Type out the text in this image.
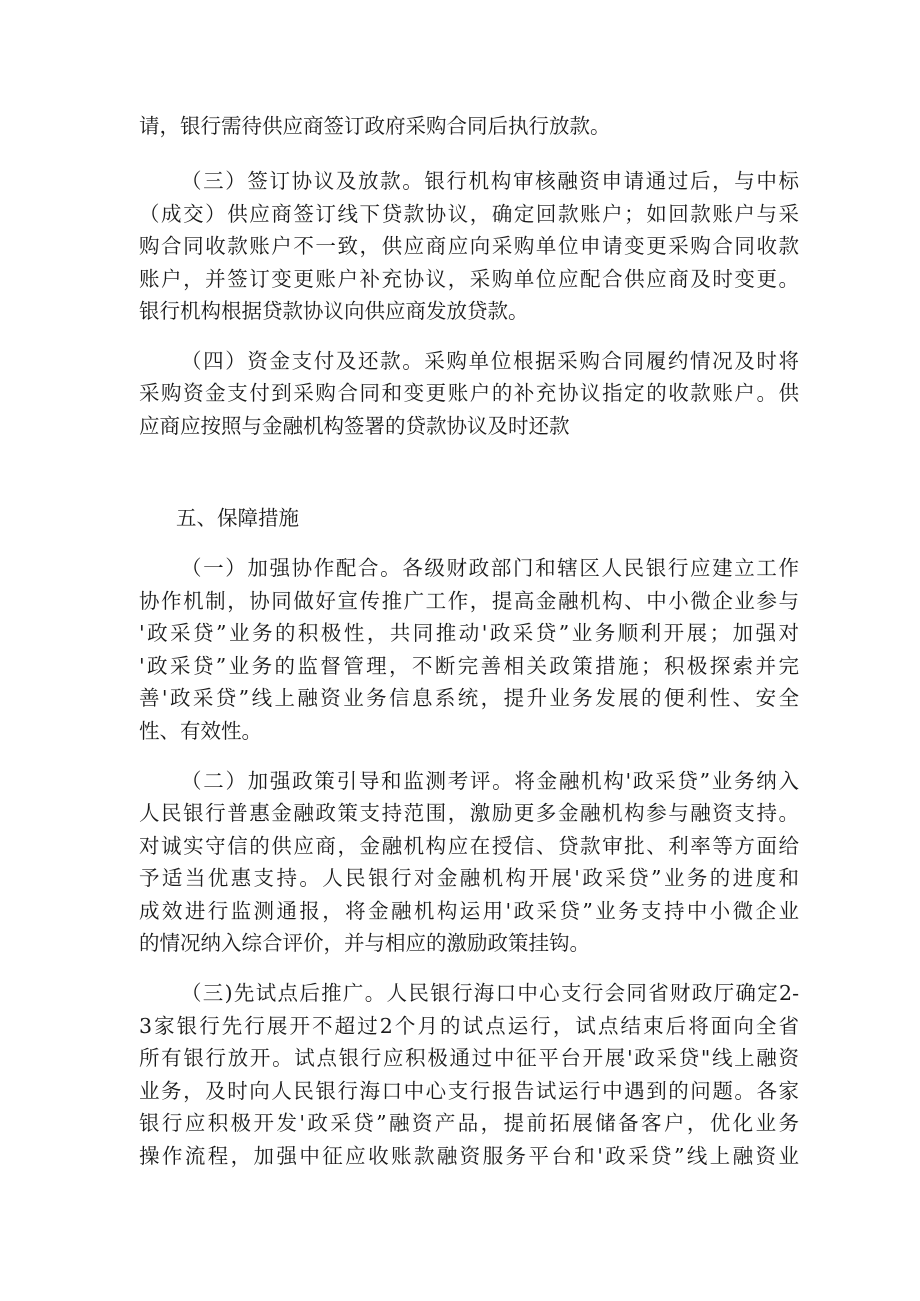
请，银行需待供应商签订政府采购合同后执行放款。
（三）签订协议及放款。银行机构审核融资申请通过后，与中标
（成交）供应商签订线下贷款协议，确定回款账户；如回款账户与采
购合同收款账户不一致，供应商应向采购单位申请变更采购合同收款
账户，并签订变更账户补充协议，采购单位应配合供应商及时变更。
银行机构根据贷款协议向供应商发放贷款。
（四）资金支付及还款。采购单位根据采购合同履约情况及时将
采购资金支付到采购合同和变更账户的补充协议指定的收款账户。供
应商应按照与金融机构签署的贷款协议及时还款
五、保障措施
（一）加强协作配合。各级财政部门和辖区人民银行应建立工作
协作机制，协同做好宣传推广工作，提高金融机构、中小微企业参与
'政采贷”业务的积极性，共同推动'政采贷”业务顺利开展；加强对
'政采贷”业务的监督管理，不断完善相关政策措施；积极探索并完
善'政采贷”线上融资业务信息系统，提升业务发展的便利性、安全
性、有效性。
（二）加强政策引导和监测考评。将金融机构'政采贷”业务纳入
人民银行普惠金融政策支持范围，激励更多金融机构参与融资支持。
对诚实守信的供应商，金融机构应在授信、贷款审批、利率等方面给
予适当优惠支持。人民银行对金融机构开展'政采贷”业务的进度和
成效进行监测通报，将金融机构运用'政采贷”业务支持中小微企业
的情况纳入综合评价，并与相应的激励政策挂钩。
（三)先试点后推广。人民银行海口中心支行会同省财政厅确定2-
3家银行先行展开不超过2个月的试点运行，试点结束后将面向全省
所有银行放开。试点银行应积极通过中征平台开展'政采贷"线上融资
业务，及时向人民银行海口中心支行报告试运行中遇到的问题。各家
银行应积极开发'政采贷”融资产品，提前拓展储备客户，优化业务
操作流程，加强中征应收账款融资服务平台和'政采贷”线上融资业
